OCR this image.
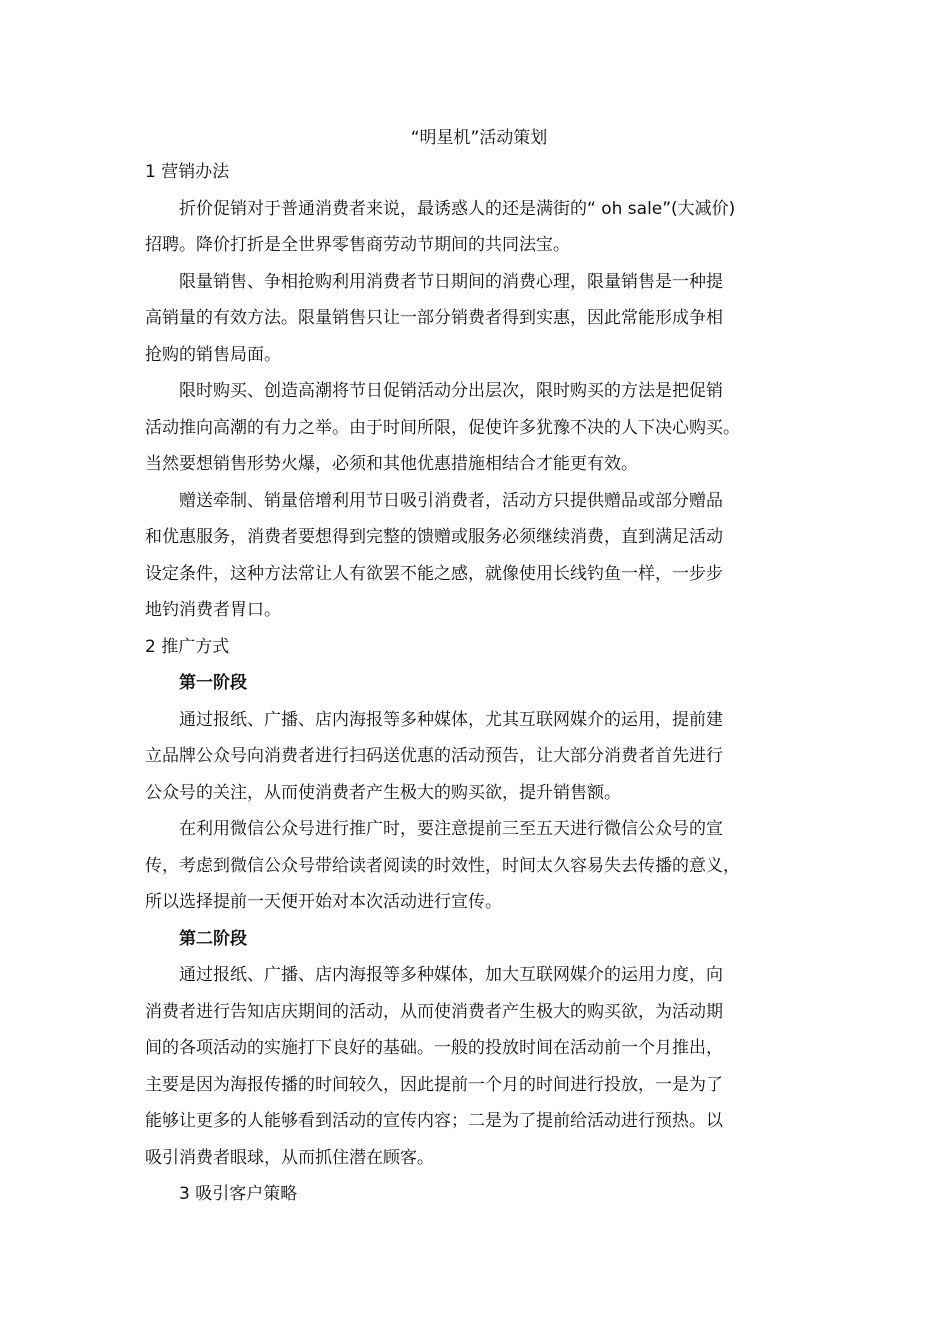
“明星机”活动策划

1 营销办法

折价促销对于普通消费者来说，最诱惑人的还是满街的“ oh sale”(大减价)
招聘。降价打折是全世界零售商劳动节期间的共同法宝。

限量销售、争相抢购利用消费者节日期间的消费心理，限量销售是一种提
高销量的有效方法。限量销售只让一部分销费者得到实惠，因此常能形成争相
抢购的销售局面。

限时购买、创造高潮将节日促销活动分出层次，限时购买的方法是把促销
活动推向高潮的有力之举。由于时间所限，促使许多犹豫不决的人下决心购买。
当然要想销售形势火爆，必须和其他优惠措施相结合才能更有效。

赠送牵制、销量倍增利用节日吸引消费者，活动方只提供赠品或部分赠品
和优惠服务，消费者要想得到完整的馈赠或服务必须继续消费，直到满足活动
设定条件，这种方法常让人有欲罢不能之感，就像使用长线钓鱼一样，一步步
地钓消费者胃口。

2 推广方式

第一阶段

通过报纸、广播、店内海报等多种媒体，尤其互联网媒介的运用，提前建
立品牌公众号向消费者进行扫码送优惠的活动预告，让大部分消费者首先进行
公众号的关注，从而使消费者产生极大的购买欲，提升销售额。

在利用微信公众号进行推广时，要注意提前三至五天进行微信公众号的宣
传，考虑到微信公众号带给读者阅读的时效性，时间太久容易失去传播的意义，
所以选择提前一天便开始对本次活动进行宣传。

第二阶段

通过报纸、广播、店内海报等多种媒体，加大互联网媒介的运用力度，向
消费者进行告知店庆期间的活动，从而使消费者产生极大的购买欲，为活动期
间的各项活动的实施打下良好的基础。一般的投放时间在活动前一个月推出，
主要是因为海报传播的时间较久，因此提前一个月的时间进行投放，一是为了
能够让更多的人能够看到活动的宣传内容；二是为了提前给活动进行预热。以
吸引消费者眼球，从而抓住潜在顾客。

3 吸引客户策略
